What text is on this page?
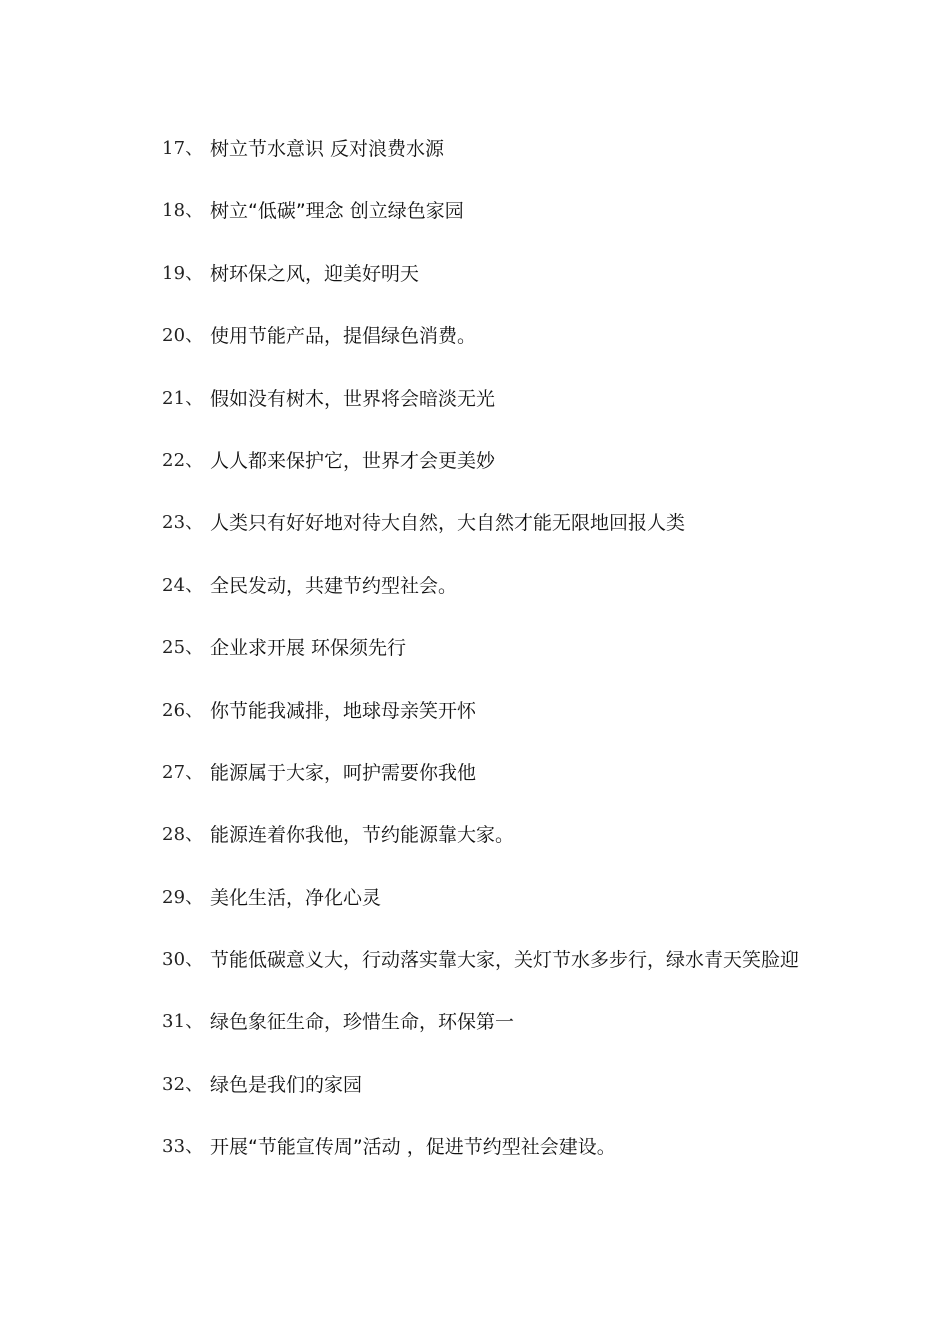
17、 树立节水意识 反对浪费水源
18、 树立“低碳”理念 创立绿色家园
19、 树环保之风，迎美好明天
20、 使用节能产品，提倡绿色消费。
21、 假如没有树木，世界将会暗淡无光
22、 人人都来保护它，世界才会更美妙
23、 人类只有好好地对待大自然，大自然才能无限地回报人类
24、 全民发动，共建节约型社会。
25、 企业求开展 环保须先行
26、 你节能我减排，地球母亲笑开怀
27、 能源属于大家，呵护需要你我他
28、 能源连着你我他，节约能源靠大家。
29、 美化生活，净化心灵
30、 节能低碳意义大，行动落实靠大家，关灯节水多步行，绿水青天笑脸迎
31、 绿色象征生命，珍惜生命，环保第一
32、 绿色是我们的家园
33、 开展“节能宣传周”活动 ，促进节约型社会建设。
